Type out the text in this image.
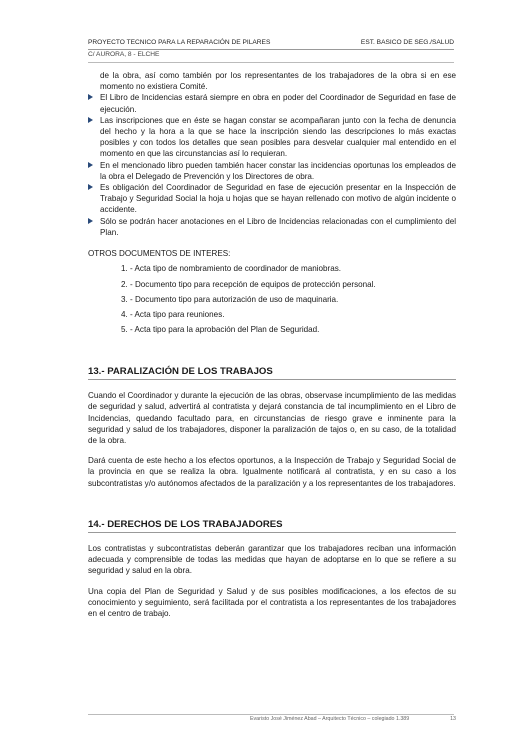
PROYECTO TECNICO PARA LA REPARACIÓN DE PILARES	EST. BASICO DE SEG./SALUD
C/ AURORA, 8 - ELCHE

de la obra, así como también por los representantes de los trabajadores de la obra si en ese momento no existiera Comité.

El Libro de Incidencias estará siempre en obra en poder del Coordinador de Seguridad en fase de ejecución.

Las inscripciones que en éste se hagan constar se acompañaran junto con la fecha de denuncia del hecho y la hora a la que se hace la inscripción siendo las descripciones lo más exactas posibles y con todos los detalles que sean posibles para desvelar cualquier mal entendido en el momento en que las circunstancias así lo requieran.

En el mencionado libro pueden también hacer constar las incidencias oportunas los empleados de la obra el Delegado de Prevención y los Directores de obra.

Es obligación del Coordinador de Seguridad en fase de ejecución presentar en la Inspección de Trabajo y Seguridad Social la hoja u hojas que se hayan rellenado con motivo de algún incidente o accidente.

Sólo se podrán hacer anotaciones en el Libro de Incidencias relacionadas con el cumplimiento del Plan.

OTROS DOCUMENTOS DE INTERES:
1. - Acta tipo de nombramiento de coordinador de maniobras.
2. - Documento tipo para recepción de equipos de protección personal.
3. - Documento tipo para autorización de uso de maquinaria.
4. - Acta tipo para reuniones.
5. - Acta tipo para la aprobación del Plan de Seguridad.
13.- PARALIZACIÓN DE LOS TRABAJOS

Cuando el Coordinador y durante la ejecución de las obras, observase incumplimiento de las medidas de seguridad y salud, advertirá al contratista y dejará constancia de tal incumplimiento en el Libro de Incidencias, quedando facultado para, en circunstancias de riesgo grave e inminente para la seguridad y salud de los trabajadores, disponer la paralización de tajos o, en su caso, de la totalidad de la obra.

Dará cuenta de este hecho a los efectos oportunos, a la Inspección de Trabajo y Seguridad Social de la provincia en que se realiza la obra. Igualmente notificará al contratista, y en su caso a los subcontratistas y/o autónomos afectados de la paralización y a los representantes de los trabajadores.

14.- DERECHOS DE LOS TRABAJADORES

Los contratistas y subcontratistas deberán garantizar que los trabajadores reciban una información adecuada y comprensible de todas las medidas que hayan de adoptarse en lo que se refiere a su seguridad y salud en la obra.

Una copia del Plan de Seguridad y Salud y de sus posibles modificaciones, a los efectos de su conocimiento y seguimiento, será facilitada por el contratista a los representantes de los trabajadores en el centro de trabajo.

Evaristo José Jiménez Abad – Arquitecto Técnico – colegiado 1.389	13
